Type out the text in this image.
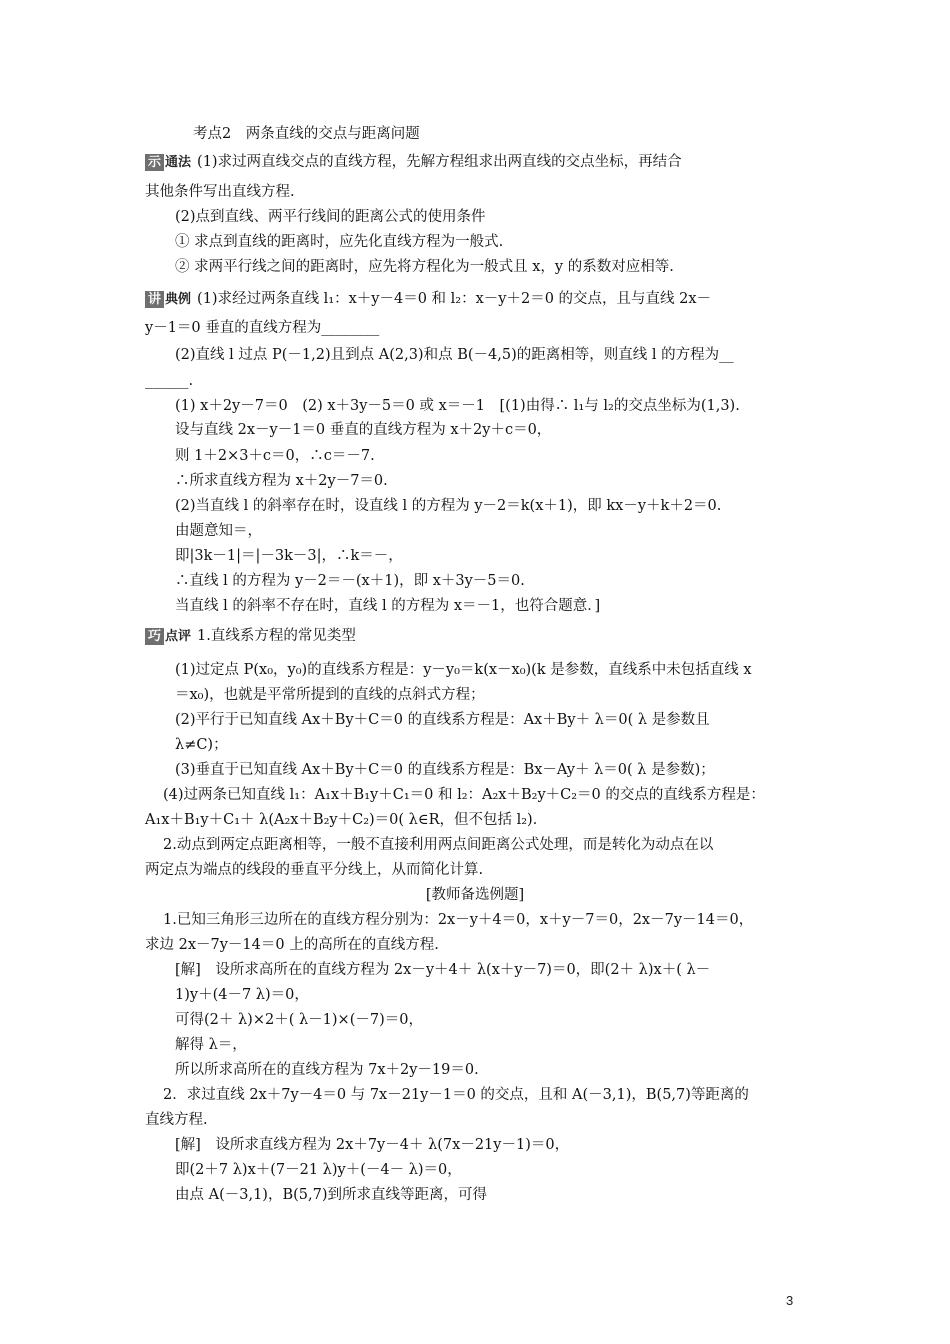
考点2　两条直线的交点与距离问题
示 通法 (1)求过两直线交点的直线方程，先解方程组求出两直线的交点坐标，再结合
其他条件写出直线方程.
(2)点到直线、两平行线间的距离公式的使用条件
① 求点到直线的距离时，应先化直线方程为一般式.
② 求两平行线之间的距离时，应先将方程化为一般式且 x，y 的系数对应相等.
讲 典例 (1)求经过两条直线 l₁：x＋y－4＝0 和 l₂：x－y＋2＝0 的交点，且与直线 2x－
y－1＝0 垂直的直线方程为________
(2)直线 l 过点 P(－1,2)且到点 A(2,3)和点 B(－4,5)的距离相等，则直线 l 的方程为__
______.
(1) x＋2y－7＝0　(2) x＋3y－5＝0 或 x＝－1　[(1)由得∴ l₁与 l₂的交点坐标为(1,3).
设与直线 2x－y－1＝0 垂直的直线方程为 x＋2y＋c＝0，
则 1＋2×3＋c＝0，∴c＝－7.
∴所求直线方程为 x＋2y－7＝0.
(2)当直线 l 的斜率存在时，设直线 l 的方程为 y－2＝k(x＋1)，即 kx－y＋k＋2＝0.
由题意知＝，
即|3k－1|＝|－3k－3|，∴k＝－，
∴直线 l 的方程为 y－2＝－(x＋1)，即 x＋3y－5＝0.
当直线 l 的斜率不存在时，直线 l 的方程为 x＝－1，也符合题意．]
巧 点评 1.直线系方程的常见类型
(1)过定点 P(x₀，y₀)的直线系方程是：y－y₀＝k(x－x₀)(k 是参数，直线系中未包括直线 x
＝x₀)，也就是平常所提到的直线的点斜式方程；
(2)平行于已知直线 Ax＋By＋C＝0 的直线系方程是：Ax＋By＋ λ＝0( λ 是参数且
λ≠C)；
(3)垂直于已知直线 Ax＋By＋C＝0 的直线系方程是：Bx－Ay＋ λ＝0( λ 是参数)；
(4)过两条已知直线 l₁：A₁x＋B₁y＋C₁＝0 和 l₂：A₂x＋B₂y＋C₂＝0 的交点的直线系方程是：
A₁x＋B₁y＋C₁＋ λ(A₂x＋B₂y＋C₂)＝0( λ∈R，但不包括 l₂)．
2.动点到两定点距离相等，一般不直接利用两点间距离公式处理，而是转化为动点在以
两定点为端点的线段的垂直平分线上，从而简化计算.
[教师备选例题]
1.已知三角形三边所在的直线方程分别为：2x－y＋4＝0，x＋y－7＝0，2x－7y－14＝0，
求边 2x－7y－14＝0 上的高所在的直线方程.
[解]　设所求高所在的直线方程为 2x－y＋4＋ λ(x＋y－7)＝0，即(2＋ λ)x＋( λ－
1)y＋(4－7 λ)＝0，
可得(2＋ λ)×2＋( λ－1)×(－7)＝0，
解得 λ＝，
所以所求高所在的直线方程为 7x＋2y－19＝0.
2．求过直线 2x＋7y－4＝0 与 7x－21y－1＝0 的交点，且和 A(－3,1)，B(5,7)等距离的
直线方程.
[解]　设所求直线方程为 2x＋7y－4＋ λ(7x－21y－1)＝0，
即(2＋7 λ)x＋(7－21 λ)y＋(－4－ λ)＝0，
由点 A(－3,1)，B(5,7)到所求直线等距离，可得
3
